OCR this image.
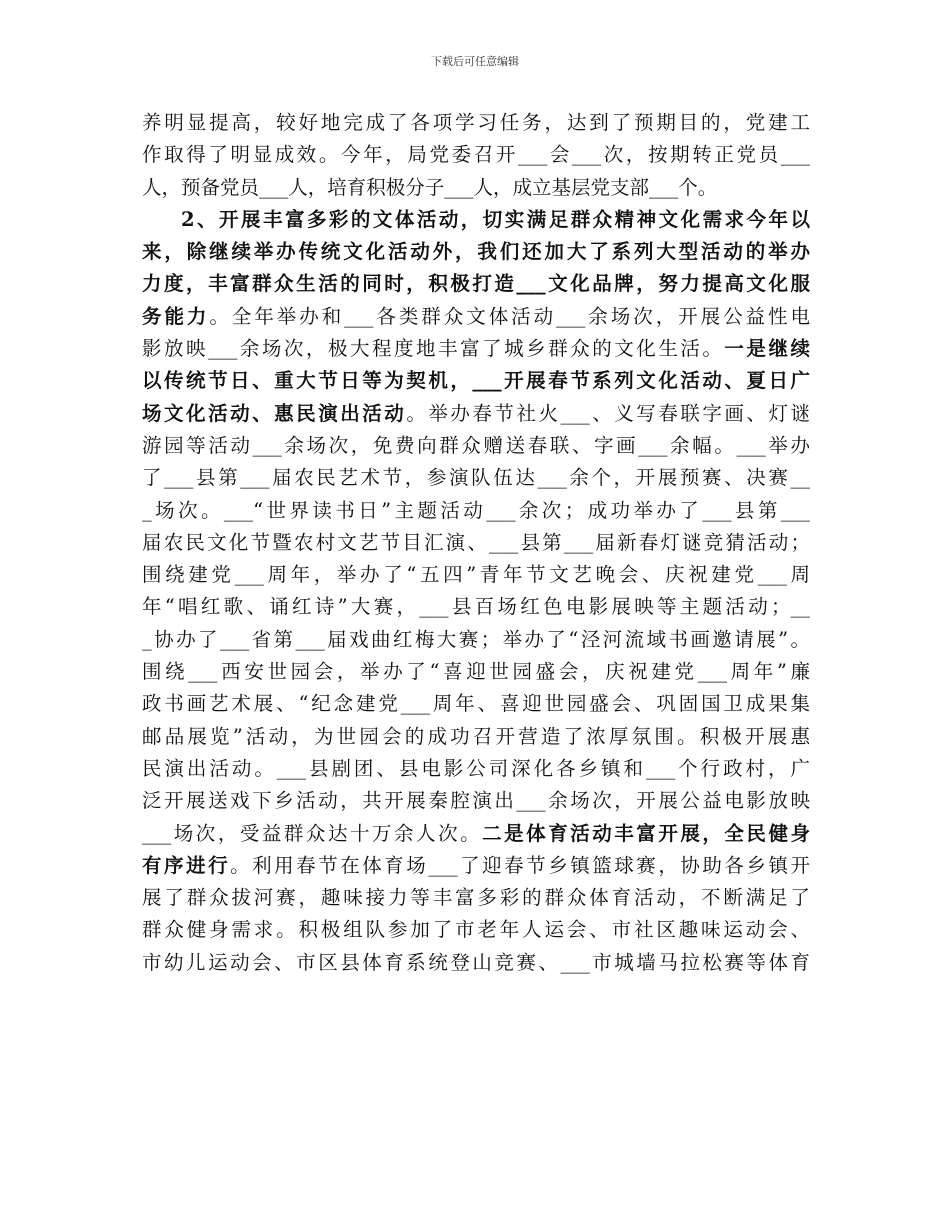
下载后可任意编辑
养明显提高，较好地完成了各项学习任务，达到了预期目的，党建工
作取得了明显成效。今年，局党委召开___会___次，按期转正党员___
人，预备党员___人，培育积极分子___人，成立基层党支部___个。
2、开展丰富多彩的文体活动，切实满足群众精神文化需求今年以
来，除继续举办传统文化活动外，我们还加大了系列大型活动的举办
力度，丰富群众生活的同时，积极打造___文化品牌，努力提高文化服
务能力。全年举办和___各类群众文体活动___余场次，开展公益性电
影放映___余场次，极大程度地丰富了城乡群众的文化生活。一是继续
以传统节日、重大节日等为契机，___开展春节系列文化活动、夏日广
场文化活动、惠民演出活动。举办春节社火___、义写春联字画、灯谜
游园等活动___余场次，免费向群众赠送春联、字画___余幅。___举办
了___县第___届农民艺术节，参演队伍达___余个，开展预赛、决赛__
_场次。___“世界读书日”主题活动___余次；成功举办了___县第___
届农民文化节暨农村文艺节目汇演、___县第___届新春灯谜竞猜活动；
围绕建党___周年，举办了“五四”青年节文艺晚会、庆祝建党___周
年“唱红歌、诵红诗”大赛，___县百场红色电影展映等主题活动；__
_协办了___省第___届戏曲红梅大赛；举办了“泾河流域书画邀请展”。
围绕___西安世园会，举办了“喜迎世园盛会，庆祝建党___周年”廉
政书画艺术展、“纪念建党___周年、喜迎世园盛会、巩固国卫成果集
邮品展览”活动，为世园会的成功召开营造了浓厚氛围。积极开展惠
民演出活动。___县剧团、县电影公司深化各乡镇和___个行政村，广
泛开展送戏下乡活动，共开展秦腔演出___余场次，开展公益电影放映
___场次，受益群众达十万余人次。二是体育活动丰富开展，全民健身
有序进行。利用春节在体育场___了迎春节乡镇篮球赛，协助各乡镇开
展了群众拔河赛，趣味接力等丰富多彩的群众体育活动，不断满足了
群众健身需求。积极组队参加了市老年人运会、市社区趣味运动会、
市幼儿运动会、市区县体育系统登山竞赛、___市城墙马拉松赛等体育
